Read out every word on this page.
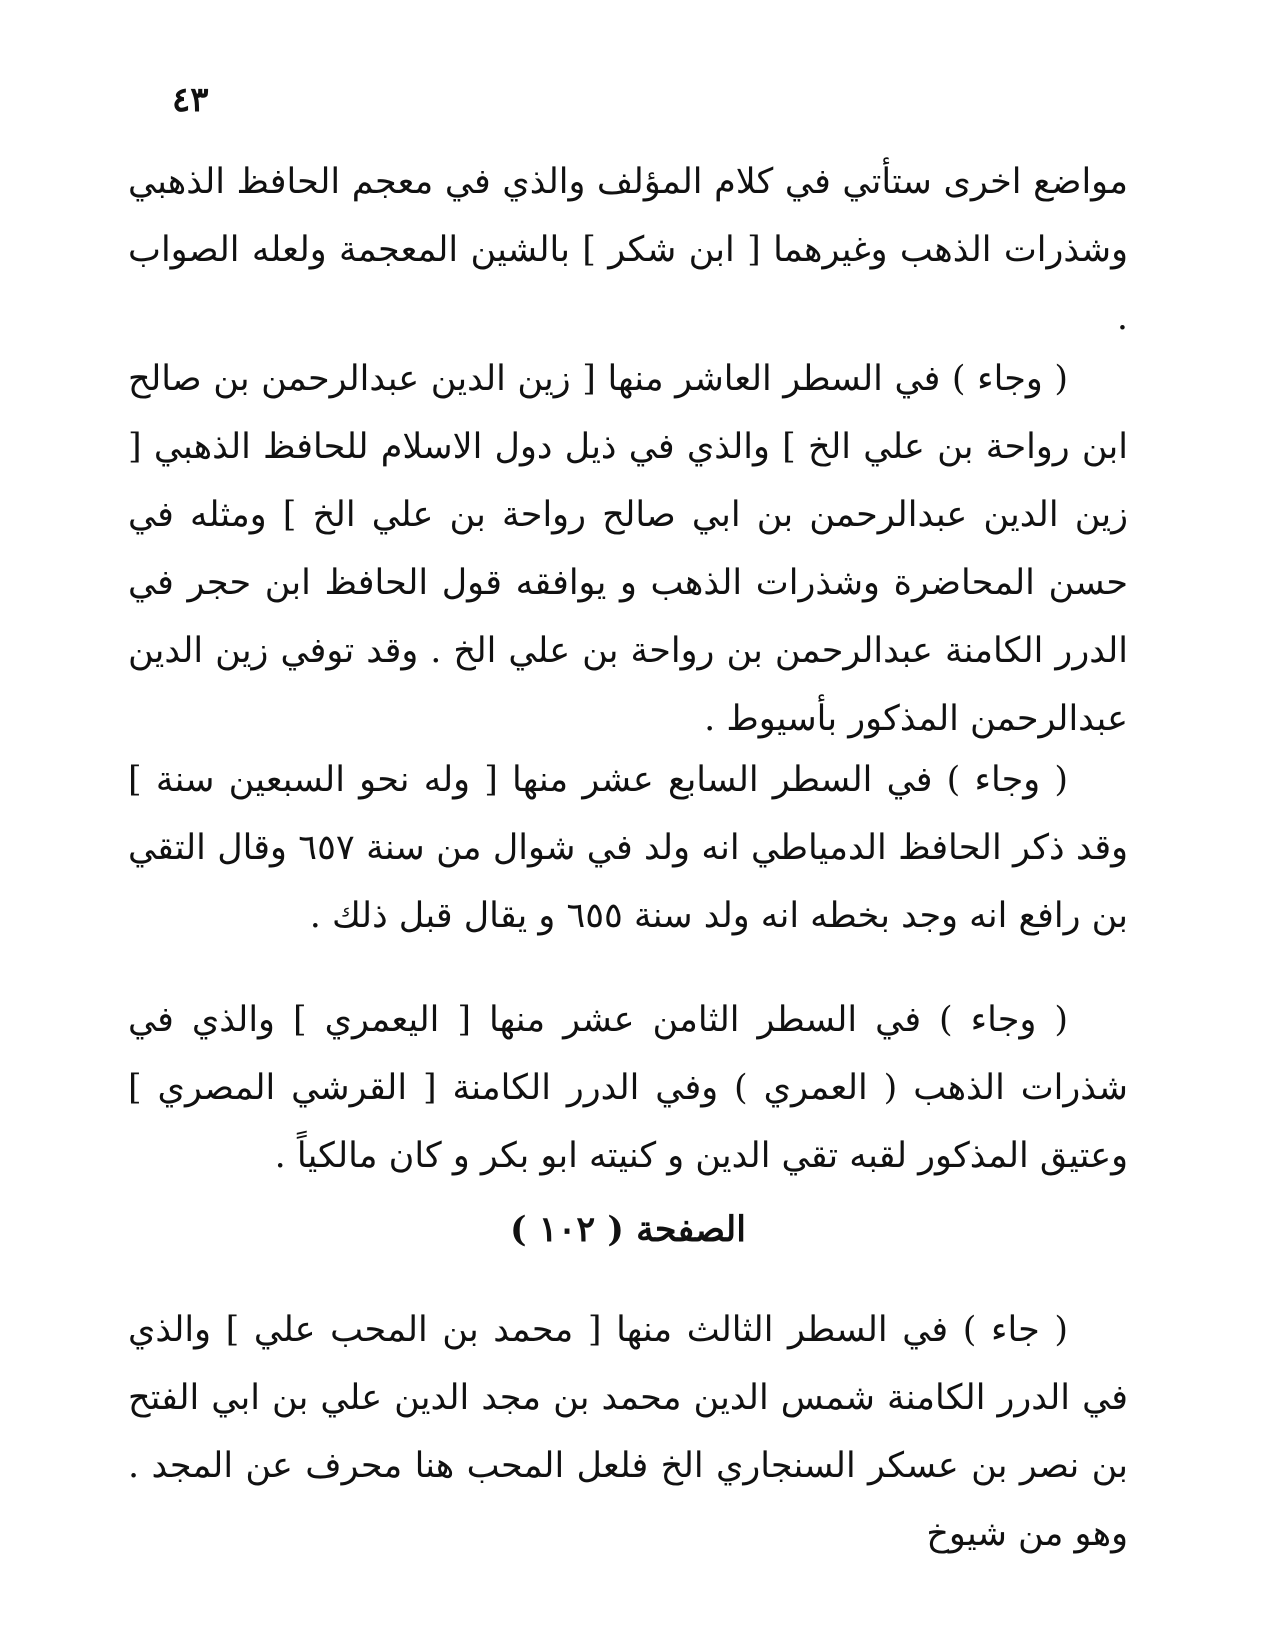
٤٣

مواضع اخرى ستأتي في كلام المؤلف والذي في معجم الحافظ الذهبي وشذرات الذهب وغيرهما [ ابن شكر ] بالشين المعجمة ولعله الصواب .

( وجاء ) في السطر العاشر منها [ زين الدين عبدالرحمن بن صالح ابن رواحة بن علي الخ ] والذي في ذيل دول الاسلام للحافظ الذهبي [ زين الدين عبدالرحمن بن ابي صالح رواحة بن علي الخ ] ومثله في حسن المحاضرة وشذرات الذهب و يوافقه قول الحافظ ابن حجر في الدرر الكامنة عبدالرحمن بن رواحة بن علي الخ . وقد توفي زين الدين عبدالرحمن المذكور بأسيوط .

( وجاء ) في السطر السابع عشر منها [ وله نحو السبعين سنة ] وقد ذكر الحافظ الدمياطي انه ولد في شوال من سنة ٦٥٧ وقال التقي بن رافع انه وجد بخطه انه ولد سنة ٦٥٥ و يقال قبل ذلك .

( وجاء ) في السطر الثامن عشر منها [ اليعمري ] والذي في شذرات الذهب ( العمري ) وفي الدرر الكامنة [ القرشي المصري ] وعتيق المذكور لقبه تقي الدين و كنيته ابو بكر و كان مالكياً .

الصفحة ( ١٠٢ )

( جاء ) في السطر الثالث منها [ محمد بن المحب علي ] والذي في الدرر الكامنة شمس الدين محمد بن مجد الدين علي بن ابي الفتح بن نصر بن عسكر السنجاري الخ فلعل المحب هنا محرف عن المجد . وهو من شيوخ
